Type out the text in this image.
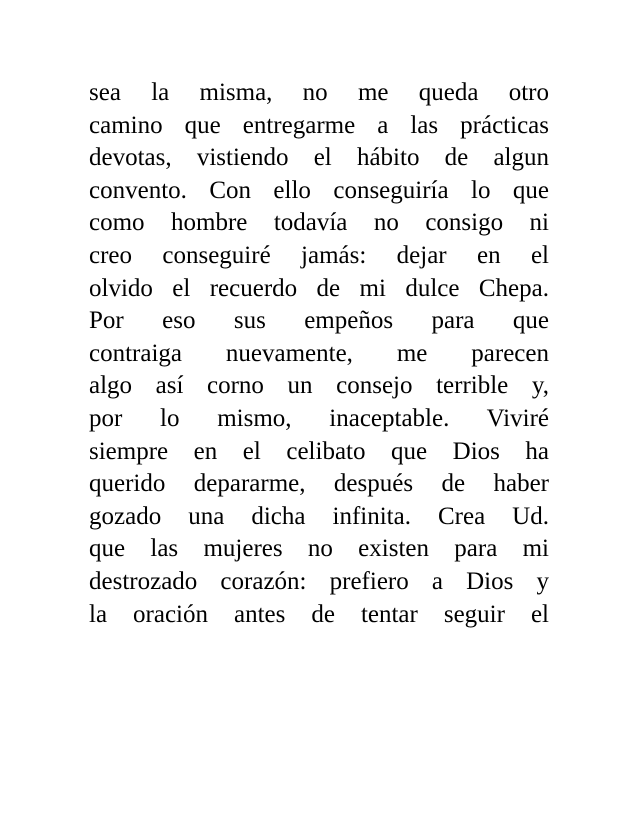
sea la misma, no me queda otro
camino que entregarme a las prácticas
devotas, vistiendo el hábito de algun
convento. Con ello conseguiría lo que
como hombre todavía no consigo ni
creo conseguiré jamás: dejar en el
olvido el recuerdo de mi dulce Chepa.
Por eso sus empeños para que
contraiga nuevamente, me parecen
algo así corno un consejo terrible y,
por lo mismo, inaceptable. Viviré
siempre en el celibato que Dios ha
querido depararme, después de haber
gozado una dicha infinita. Crea Ud.
que las mujeres no existen para mi
destrozado corazón: prefiero a Dios y
la oración antes de tentar seguir el
